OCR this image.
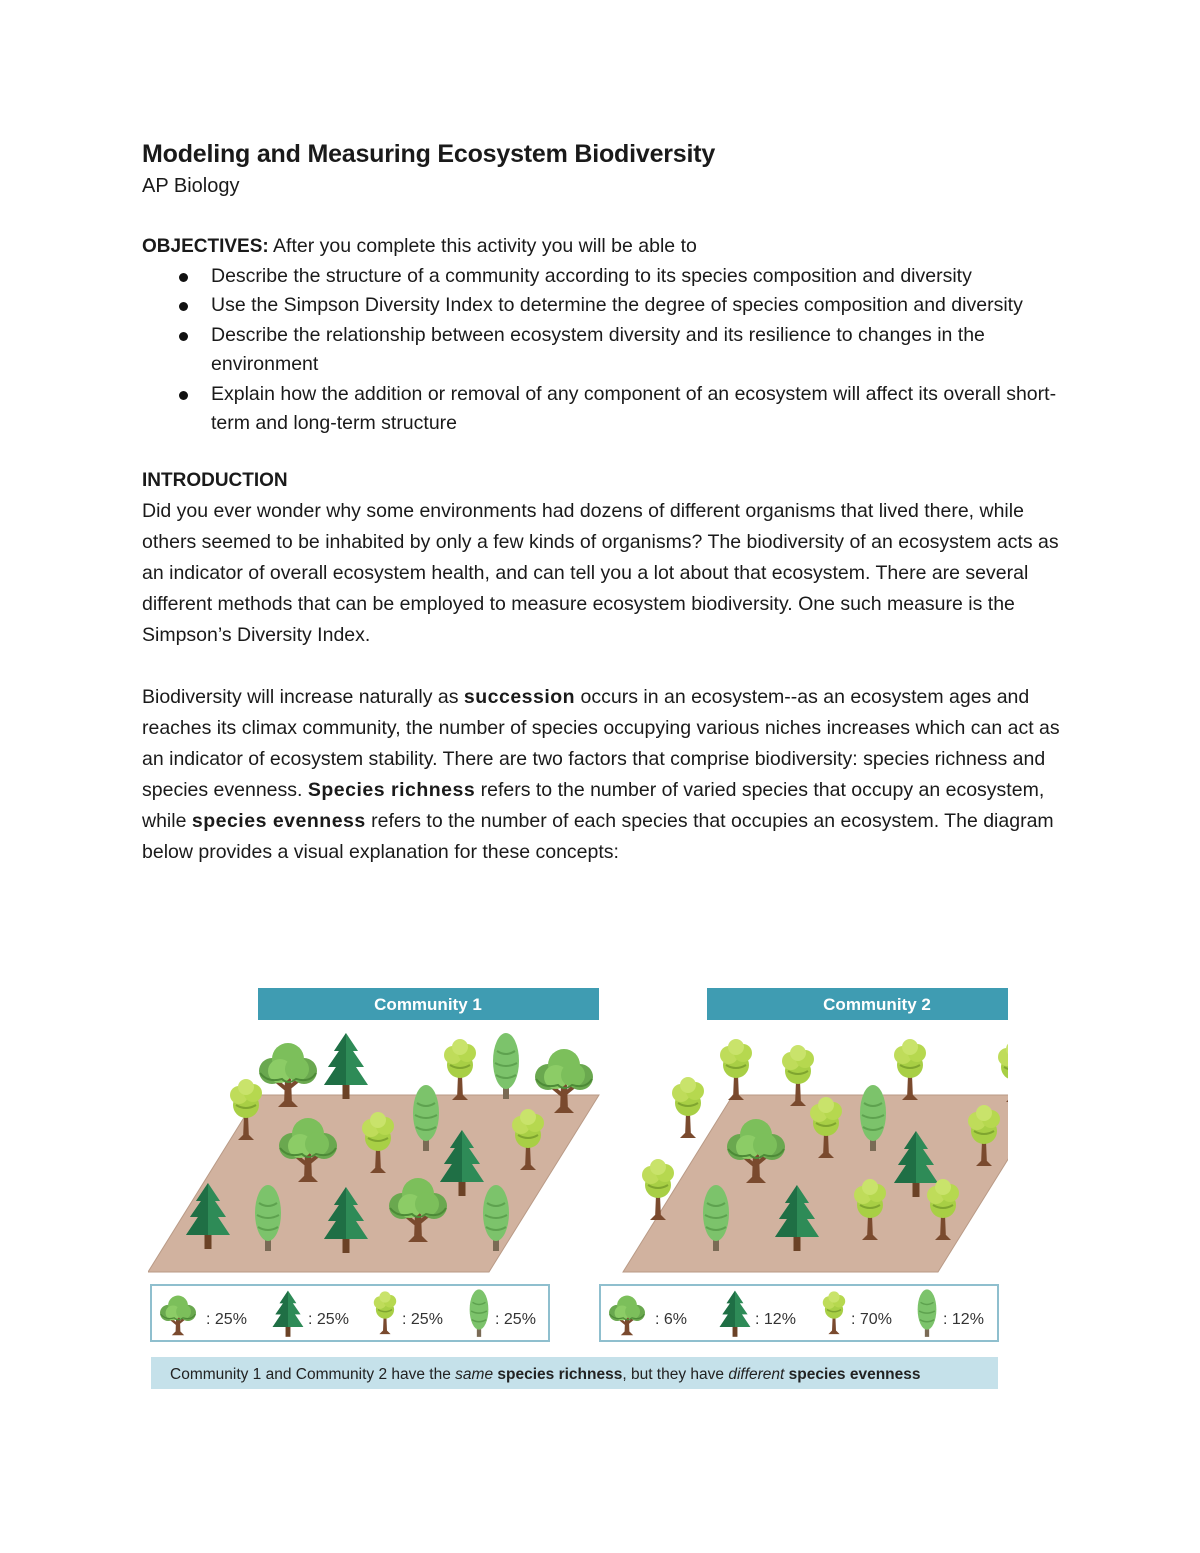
Modeling and Measuring Ecosystem Biodiversity
AP Biology
OBJECTIVES: After you complete this activity you will be able to
Describe the structure of a community according to its species composition and diversity
Use the Simpson Diversity Index to determine the degree of species composition and diversity
Describe the relationship between ecosystem diversity and its resilience to changes in the environment
Explain how the addition or removal of any component of an ecosystem will affect its overall short-term and long-term structure
INTRODUCTION

Did you ever wonder why some environments had dozens of different organisms that lived there, while others seemed to be inhabited by only a few kinds of organisms? The biodiversity of an ecosystem acts as an indicator of overall ecosystem health, and can tell you a lot about that ecosystem. There are several different methods that can be employed to measure ecosystem biodiversity. One such measure is the Simpson’s Diversity Index.

Biodiversity will increase naturally as succession occurs in an ecosystem--as an ecosystem ages and reaches its climax community, the number of species occupying various niches increases which can act as an indicator of ecosystem stability. There are two factors that comprise biodiversity: species richness and species evenness. Species richness refers to the number of varied species that occupy an ecosystem, while species evenness refers to the number of each species that occupies an ecosystem. The diagram below provides a visual explanation for these concepts:

Community 1	Community 2
: 25%	: 25%	: 25%	: 25%	: 6%	: 12%	: 70%	: 12%
Community 1 and Community 2 have the same species richness, but they have different species evenness
